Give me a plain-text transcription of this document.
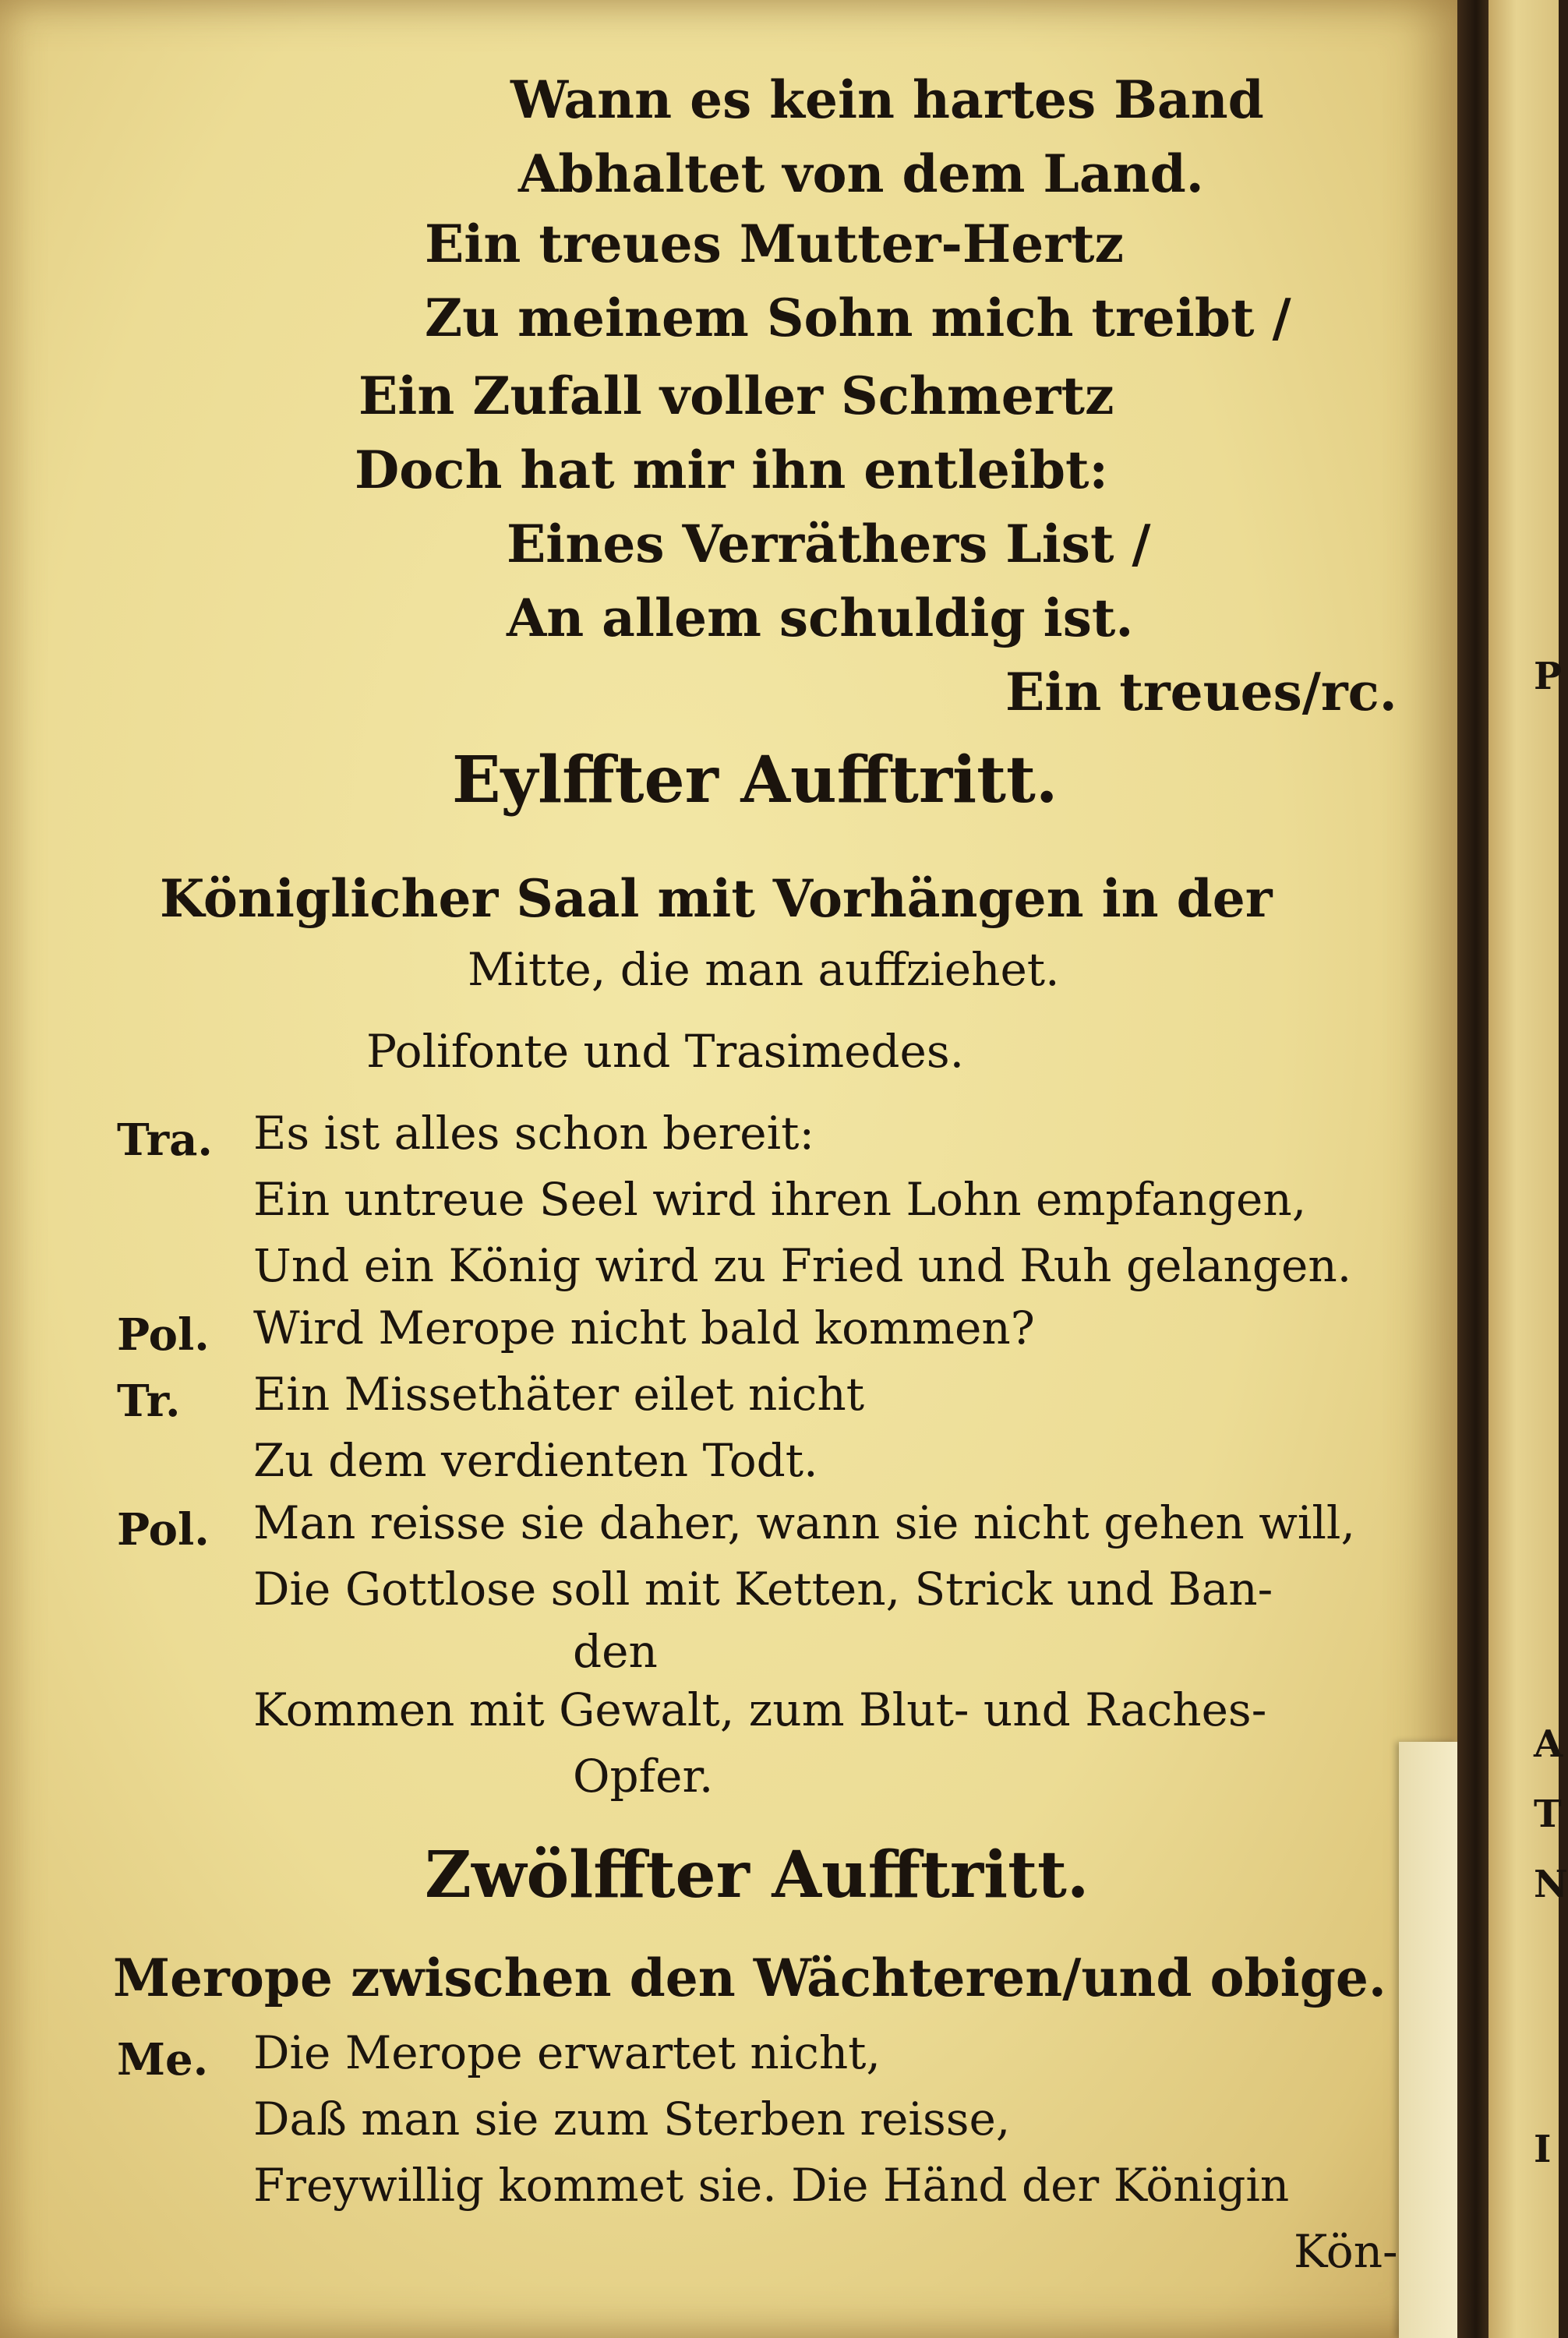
Wann es kein hartes Band
Abhaltet von dem Land.
Ein treues Mutter-Hertz
Zu meinem Sohn mich treibt /
Ein Zufall voller Schmertz
Doch hat mir ihn entleibt:
Eines Verräthers List /
An allem schuldig ist.
Ein treues/rc.
Eylffter Aufftritt.
Königlicher Saal mit Vorhängen in der
Mitte, die man auffziehet.
Polifonte und Trasimedes.
Tra. Es ist alles schon bereit:
Ein untreue Seel wird ihren Lohn empfangen,
Und ein König wird zu Fried und Ruh gelangen.
Pol. Wird Merope nicht bald kommen?
Tr. Ein Missethäter eilet nicht
Zu dem verdienten Todt.
Pol. Man reisse sie daher, wann sie nicht gehen will,
Die Gottlose soll mit Ketten, Strick und Ban-
den
Kommen mit Gewalt, zum Blut- und Raches-
Opfer.
Zwölffter Aufftritt.
Merope zwischen den Wächteren/und obige.
Me. Die Merope erwartet nicht,
Daß man sie zum Sterben reisse,
Freywillig kommet sie. Die Händ der Königin
Kön-
P
A
T
N
I
